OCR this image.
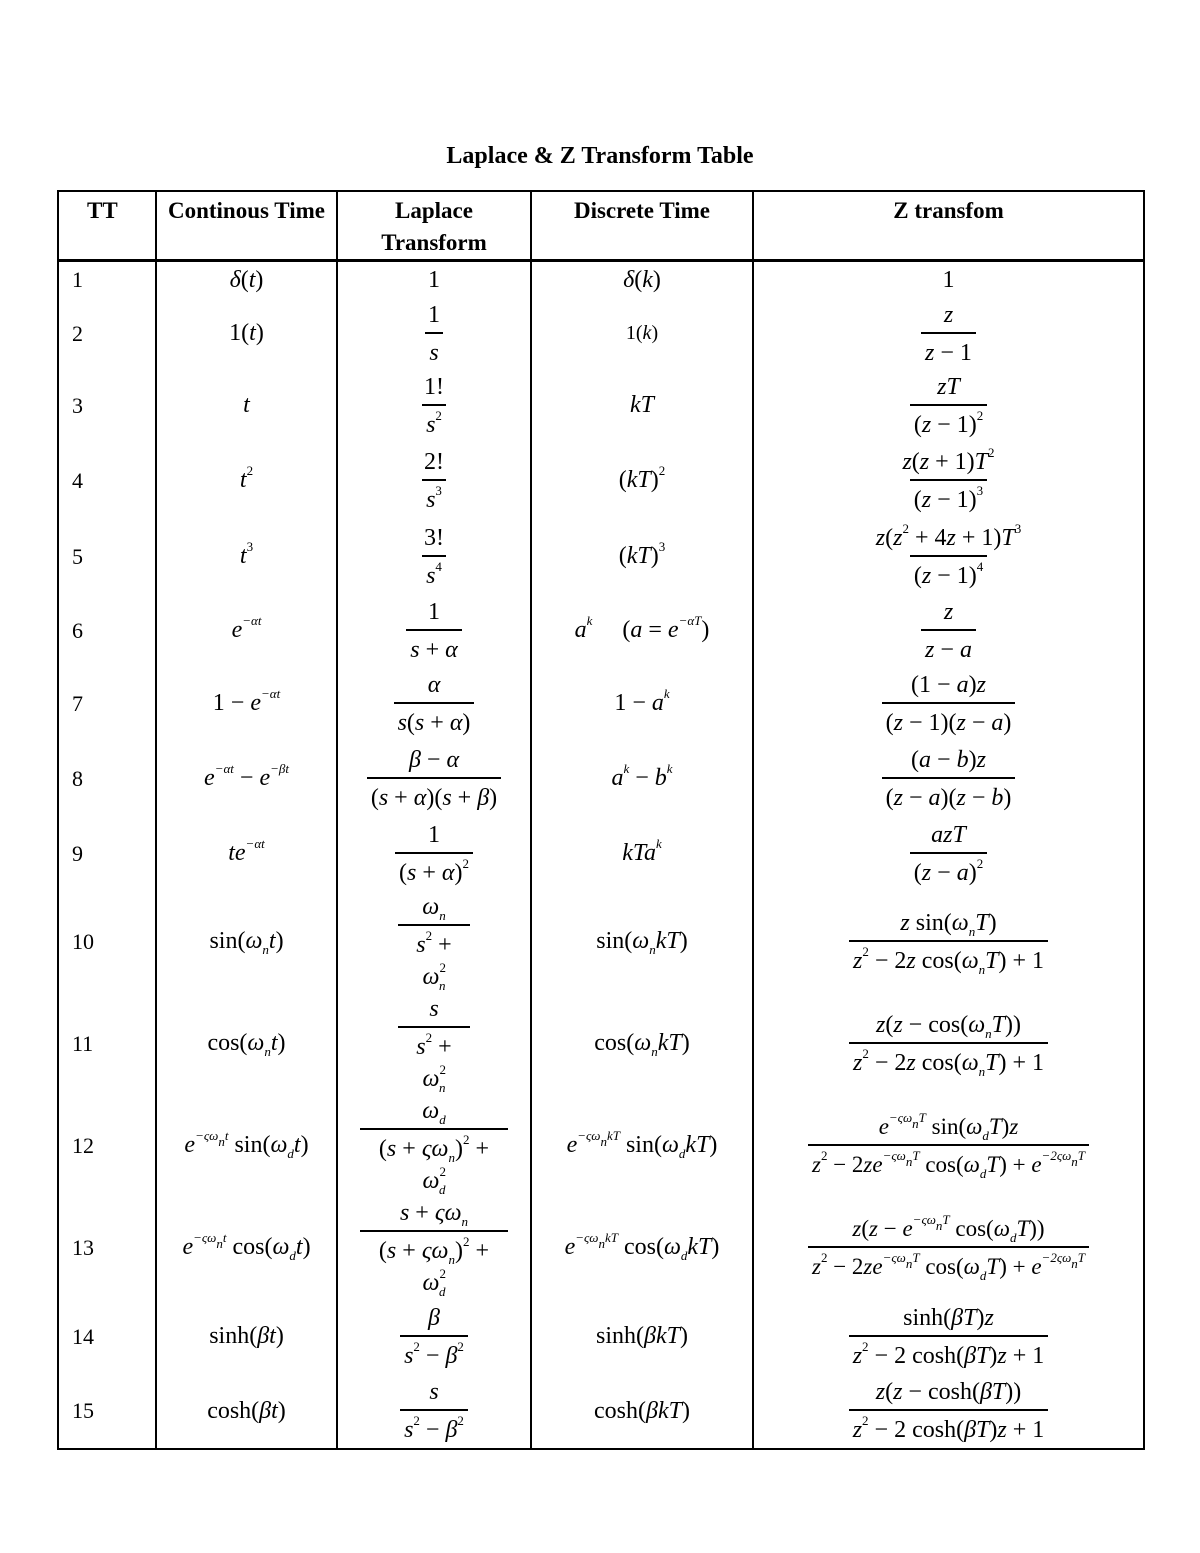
Laplace & Z Transform Table
TT	Continous Time	Laplace Transform	Discrete Time	Z transfom
1	δ(t)	1	δ(k)	1
2	1(t)	$\frac{1}{s}$	1(k)	$\frac{z}{z - 1}$

3	t	$\frac{1!}{s^2}$	kT	$\frac{zT}{(z - 1)^2}$

4	$t^2$	$\frac{2!}{s^3}$	(kT)$^2$	$\frac{z(z + 1)T^2}{(z - 1)^3}$

5	$t^3$	$\frac{3!}{s^4}$	(kT)$^3$	$\frac{z(z^2 + 4z + 1)T^3}{(z - 1)^4}$

6	$e^{-\alpha t}$	$\frac{1}{s + \alpha}$	$a^k$     $(a = e^{-\alpha T})$	$\frac{z}{z - a}$

7	$1 - e^{-\alpha t}$	$\frac{\alpha}{s(s + \alpha)}$	$1 - a^k$	$\frac{(1 - a)z}{(z - 1)(z - a)}$

8	$e^{-\alpha t} - e^{-\beta t}$	$\frac{\beta - \alpha}{(s + \alpha)(s + \beta)}$	$a^k - b^k$	$\frac{(a - b)z}{(z - a)(z - b)}$

9	$te^{-\alpha t}$	$\frac{1}{(s + \alpha)^2}$	kTa$^k$	$\frac{\text{azT}}{(z - a)^2}$

10	$\sin(\omega_nt)$	$\frac{\omega_n}{s^2 + \omega^2_n}$	$\sin(\omega_nkT)$	$\frac{z \sin(\omega_nT)}{z^2 - 2z \cos(\omega_nT) + 1}$

11	$\cos(\omega_nt)$	$\frac{s}{s^2 + \omega^2_n}$	$\cos(\omega_nkT)$	$\frac{z(z - \cos(\omega_nT))}{z^2 - 2z \cos(\omega_nT) + 1}$

12	$e^{-\varsigma\omega_nt}$ $\sin(\omega_dt)$	$\frac{\omega_d}{(s + \varsigma\omega_n)^2 + \omega^2_d}$	$e^{-\varsigma\omega_nkT}$ $\sin(\omega_dkT)$	$\frac{e^{-\varsigma\omega_nT} \sin(\omega_dT)z}{z^2 - 2ze^{-\varsigma\omega_nT} \cos(\omega_dT) + e^{-2\varsigma\omega_nT}}$

13	$e^{-\varsigma\omega_nt}$ $\cos(\omega_dt)$	$\frac{s + \varsigma\omega_n}{(s + \varsigma\omega_n)^2 + \omega^2_d}$	$e^{-\varsigma\omega_nkT}$ $\cos(\omega_dkT)$	$\frac{z(z - e^{-\varsigma\omega_nT} \cos(\omega_dT))}{z^2 - 2ze^{-\varsigma\omega_nT} \cos(\omega_dT) + e^{-2\varsigma\omega_nT}}$

14	sinh(βt)	$\frac{\beta}{s^2 - \beta^2}$	sinh(βkT)	$\frac{\sinh(\beta T)z}{z^2 - 2 \cosh(\beta T)z + 1}$

15	cosh(βt)	$\frac{s}{s^2 - \beta^2}$	cosh(βkT)	$\frac{z(z - \cosh(\beta T))}{z^2 - 2 \cosh(\beta T)z + 1}$
